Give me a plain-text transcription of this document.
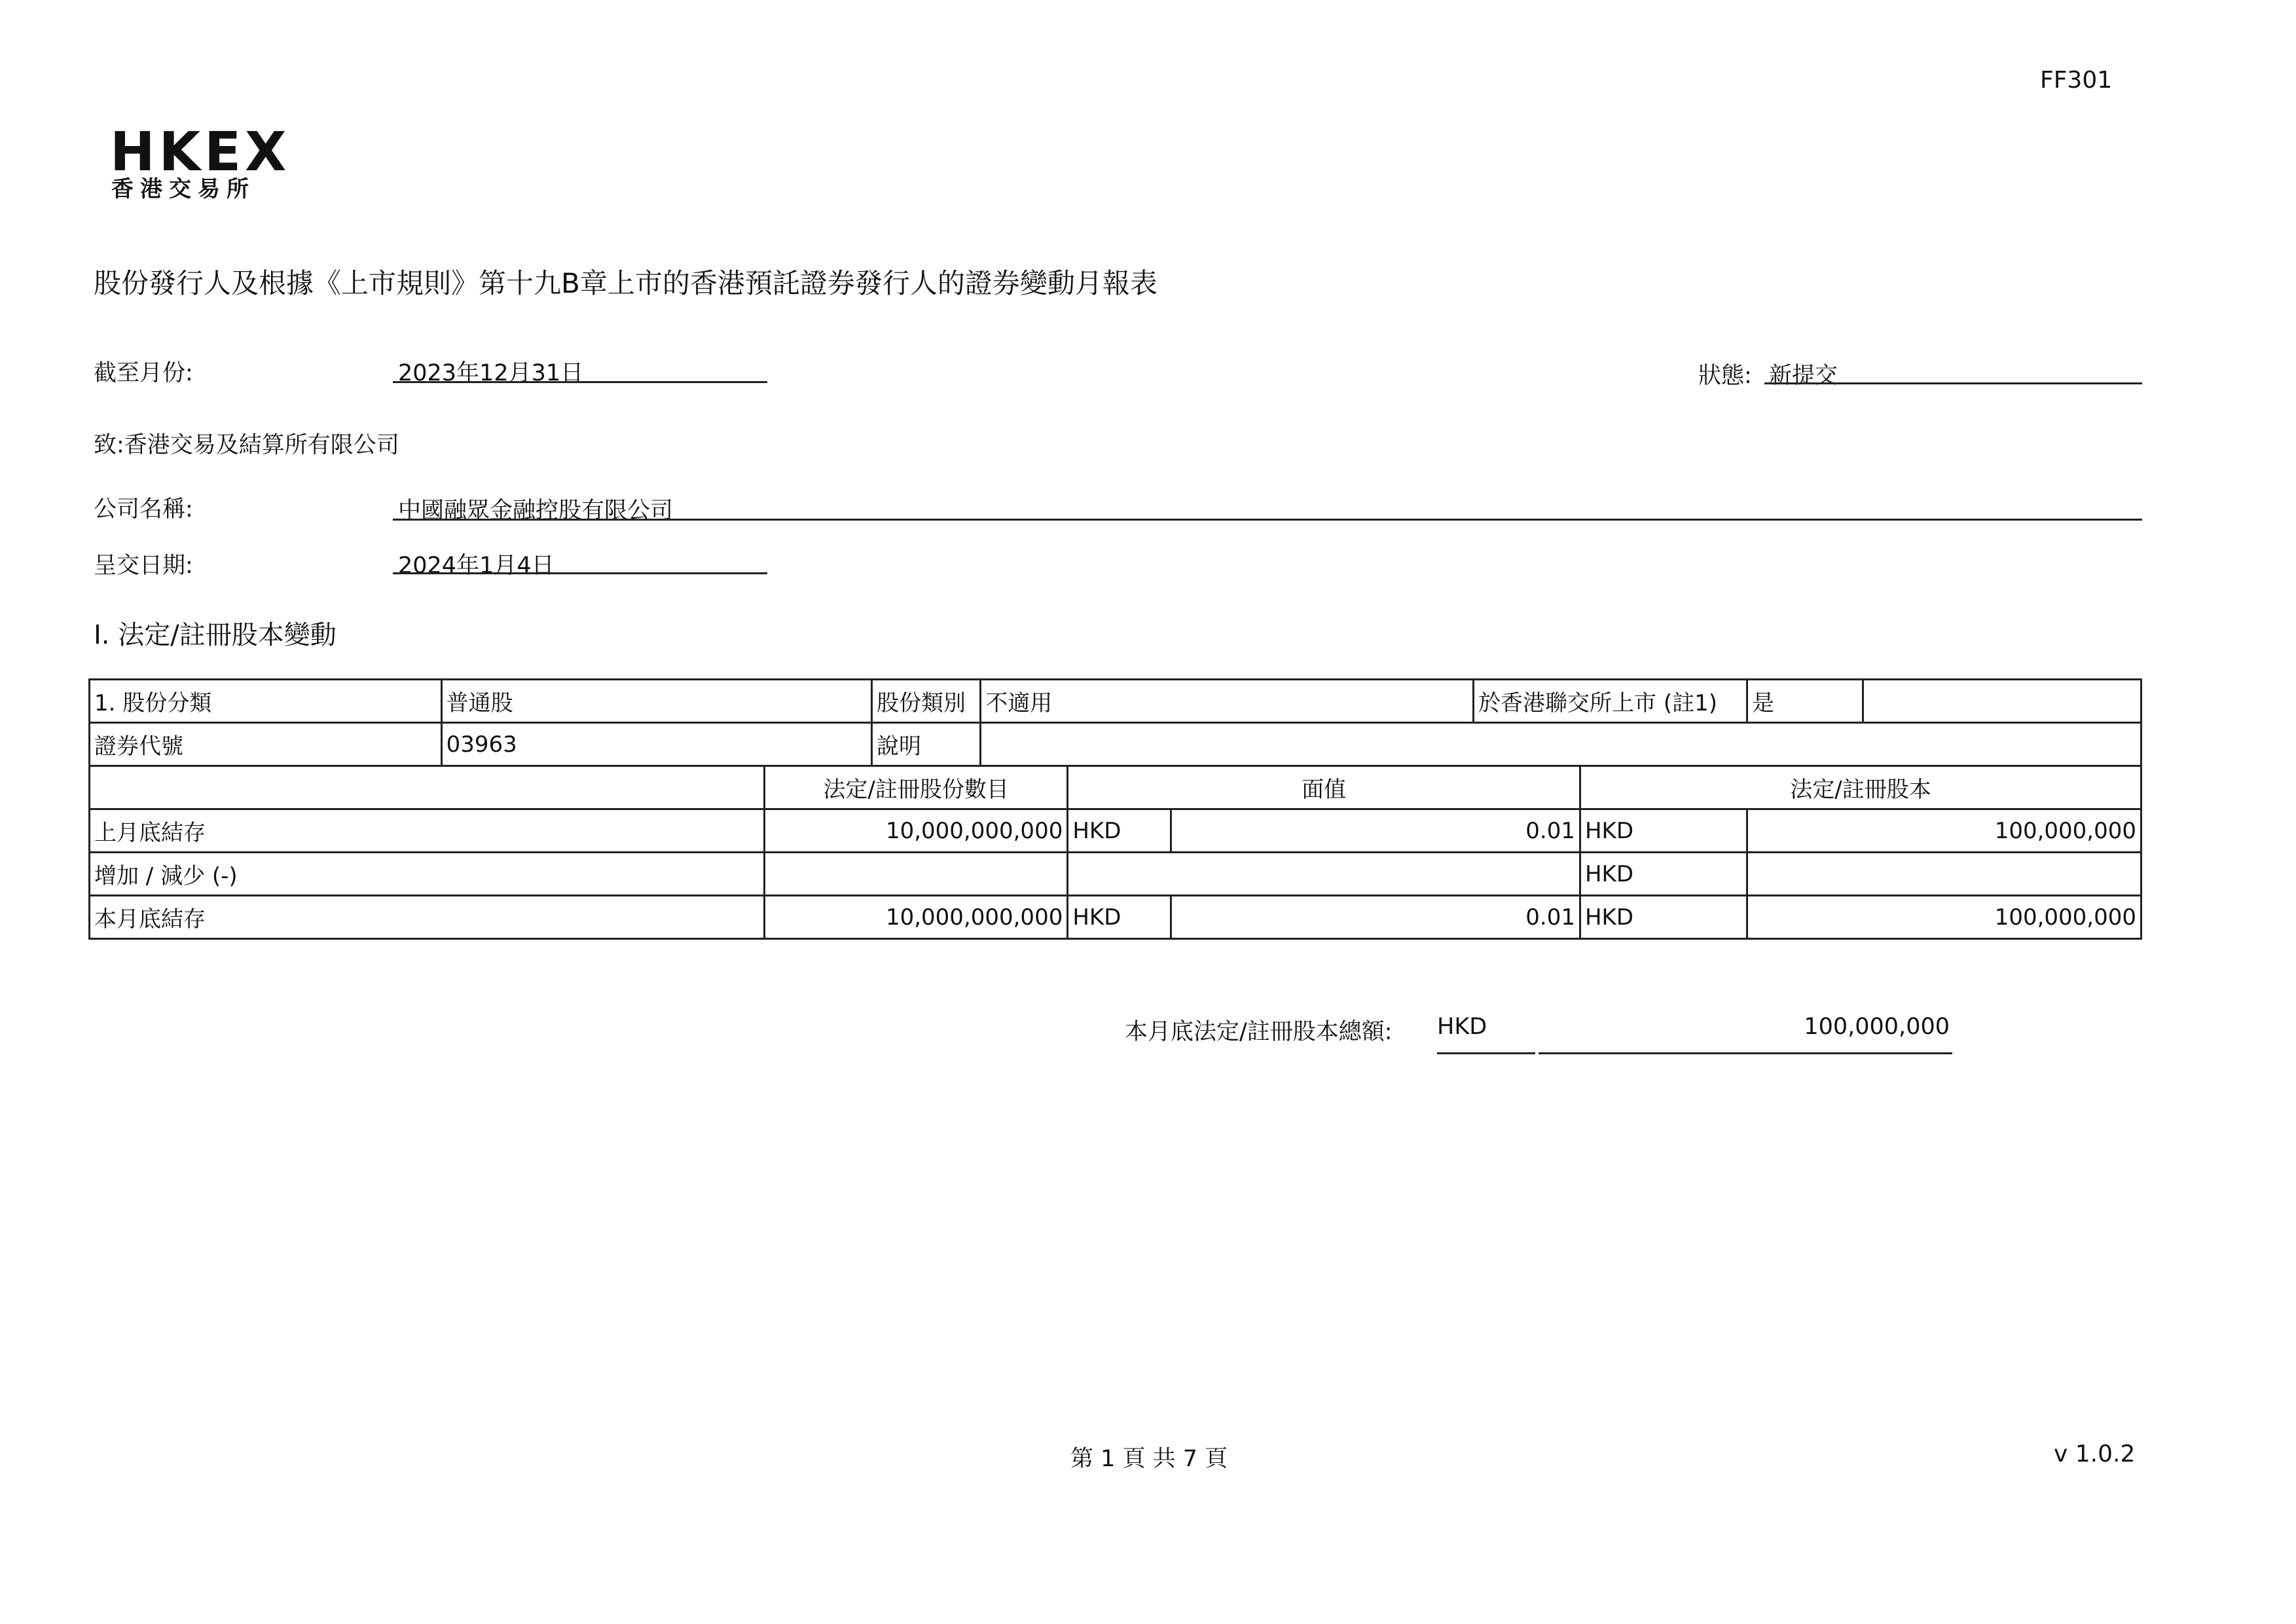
FF301
HKEX
香港交易所
股份發行人及根據《上市規則》第十九B章上市的香港預託證券發行人的證券變動月報表
截至月份:	2023年12月31日	狀態: 新提交
致:香港交易及結算所有限公司
公司名稱:	中國融眾金融控股有限公司
呈交日期:	2024年1月4日
I. 法定/註冊股本變動
1. 股份分類	普通股		股份類別	不適用			於香港聯交所上市 (註1)		是	
證券代號	03963		說明							
		法定/註冊股份數目			面值			法定/註冊股本		
上月底結存		10,000,000,000			HKD	0.01		HKD	100,000,000	
增加 / 減少 (-)								HKD		
本月底結存		10,000,000,000			HKD	0.01		HKD	100,000,000	
本月底法定/註冊股本總額: HKD	100,000,000
第 1 頁 共 7 頁	v 1.0.2
